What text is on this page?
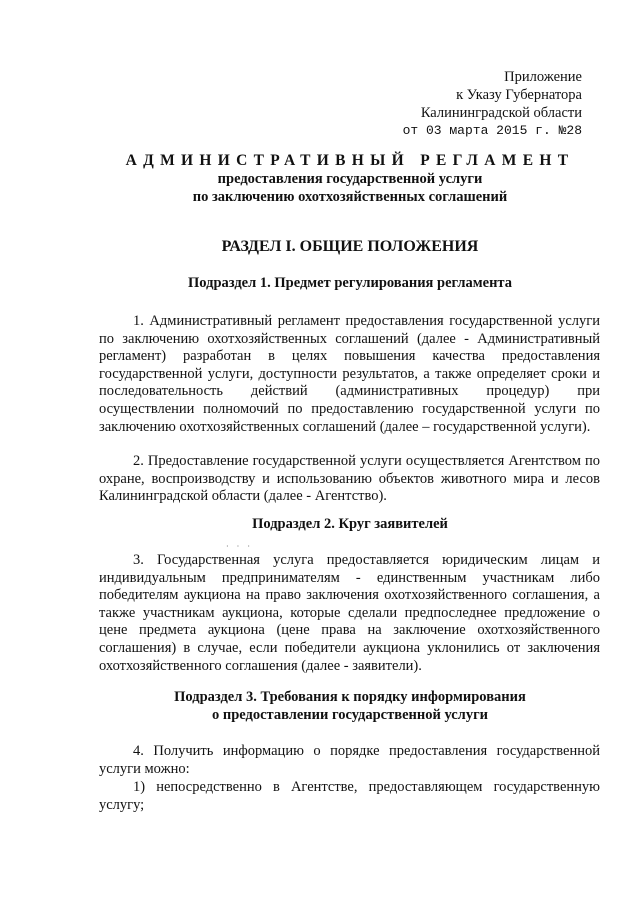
Приложение
к Указу Губернатора
Калининградской области
от 03 марта 2015 г. №28
АДМИНИСТРАТИВНЫЙ РЕГЛАМЕНТ
предоставления государственной услуги
по заключению охотхозяйственных соглашений
РАЗДЕЛ I. ОБЩИЕ ПОЛОЖЕНИЯ
Подраздел 1. Предмет регулирования регламента

1. Административный регламент предоставления государственной услуги по заключению охотхозяйственных соглашений (далее - Административный регламент) разработан в целях повышения качества предоставления государственной услуги, доступности результатов, а также определяет сроки и последовательность действий (административных процедур) при осуществлении полномочий по предоставлению государственной услуги по заключению охотхозяйственных соглашений (далее – государственной услуги).

2. Предоставление государственной услуги осуществляется Агентством по охране, воспроизводству и использованию объектов животного мира и лесов Калининградской области (далее - Агентство).

Подраздел 2. Круг заявителей
· · ·

3. Государственная услуга предоставляется юридическим лицам и индивидуальным предпринимателям - единственным участникам либо победителям аукциона на право заключения охотхозяйственного соглашения, а также участникам аукциона, которые сделали предпоследнее предложение о цене предмета аукциона (цене права на заключение охотхозяйственного соглашения) в случае, если победители аукциона уклонились от заключения охотхозяйственного соглашения (далее - заявители).

Подраздел 3. Требования к порядку информирования
о предоставлении государственной услуги

4. Получить информацию о порядке предоставления государственной услуги можно:

1) непосредственно в Агентстве, предоставляющем государственную услугу;
